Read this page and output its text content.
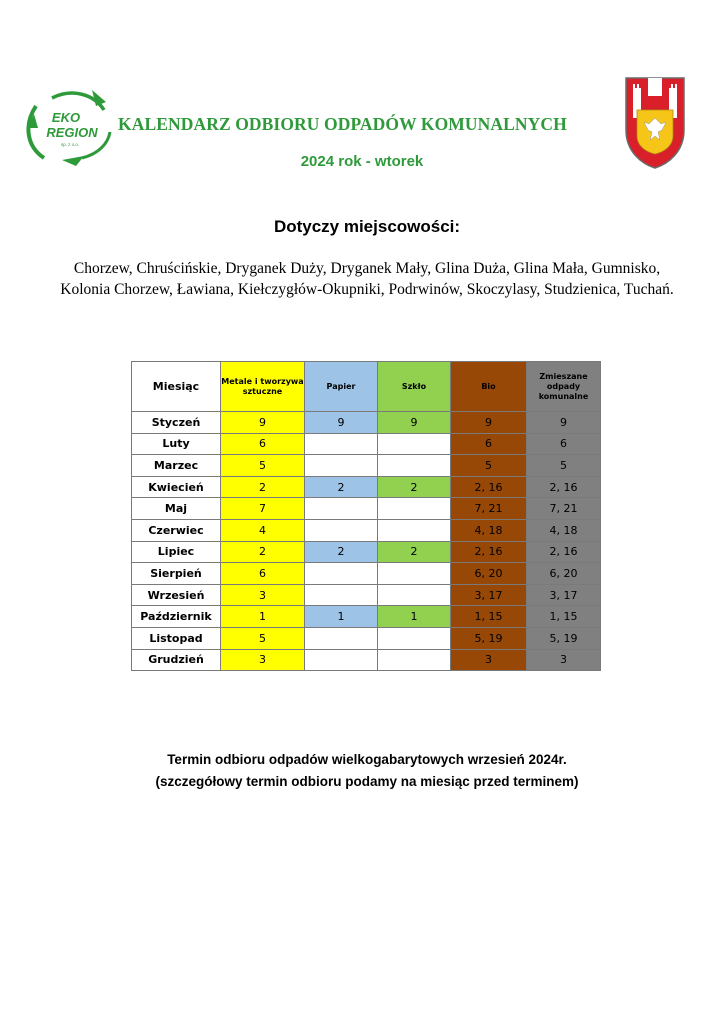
EKO
REGION
sp. z o.o.
KALENDARZ ODBIORU ODPADÓW KOMUNALNYCH
2024 rok - wtorek
Dotyczy miejscowości:
Chorzew, Chruścińskie, Dryganek Duży, Dryganek Mały, Glina Duża, Glina Mała, Gumnisko, Kolonia Chorzew, Ławiana, Kiełczygłów-Okupniki, Podrwinów, Skoczylasy, Studzienica, Tuchań.
Miesiąc	Metale i tworzywa sztuczne	Papier	Szkło	Bio	Zmieszane odpady komunalne
Styczeń	9	9	9	9	9
Luty	6			6	6
Marzec	5			5	5
Kwiecień	2	2	2	2, 16	2, 16
Maj	7			7, 21	7, 21
Czerwiec	4			4, 18	4, 18
Lipiec	2	2	2	2, 16	2, 16
Sierpień	6			6, 20	6, 20
Wrzesień	3			3, 17	3, 17
Październik	1	1	1	1, 15	1, 15
Listopad	5			5, 19	5, 19
Grudzień	3			3	3
Termin odbioru odpadów wielkogabarytowych wrzesień 2024r.
(szczegółowy termin odbioru podamy na miesiąc przed terminem)
